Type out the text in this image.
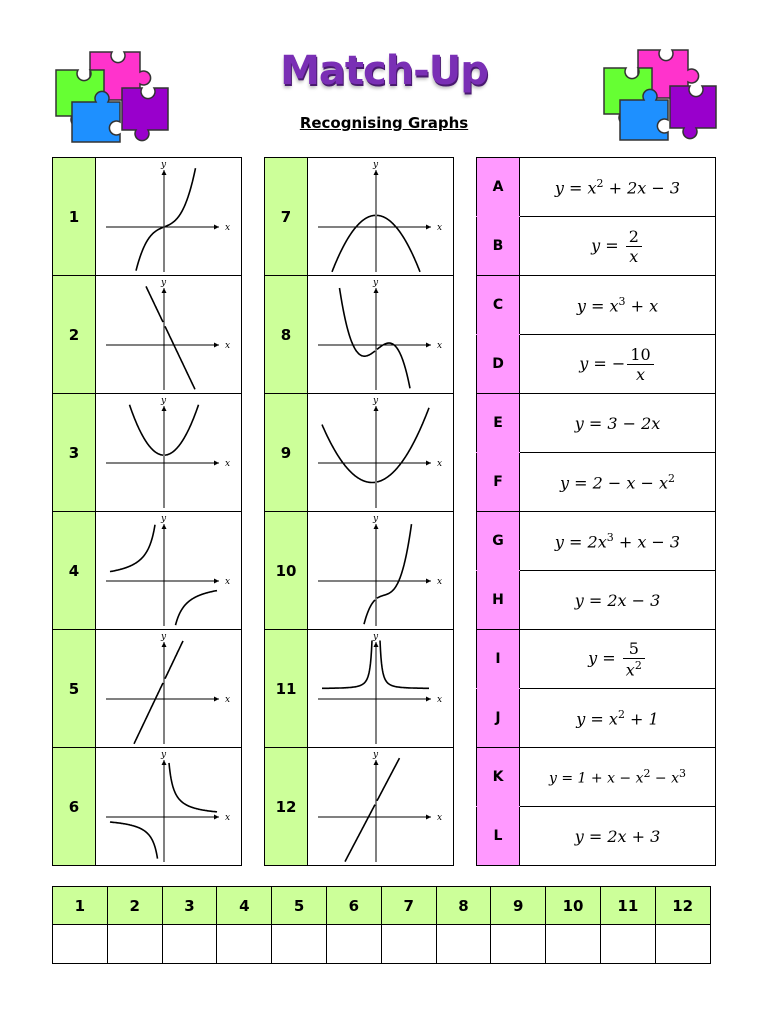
Match-Up
Recognising Graphs
1	x
y

2	x
y

3	x
y

4	x
y

5	x
y

6	x
y
7	x
y

8	x
y

9	x
y

10	x
y

11	x
y

12	x
y
A	$y = x^2 + 2x - 3$
B	$y = \frac{2}{x}$

C	$y = x^3 + x$
D	y = − $\frac{10}{x}$

E	y = 3 − 2x
F	$y = 2 - x - x^2$
G	$y = 2x^3 + x - 3$
H	y = 2x − 3
I	$y = \frac{5}{x^2}$

J	$y = x^2 + 1$
K	$y = 1 + x - x^2 - x^3$
L	y = 2x + 3
1	2	3	4	5	6	7	8	9	10	11	12
